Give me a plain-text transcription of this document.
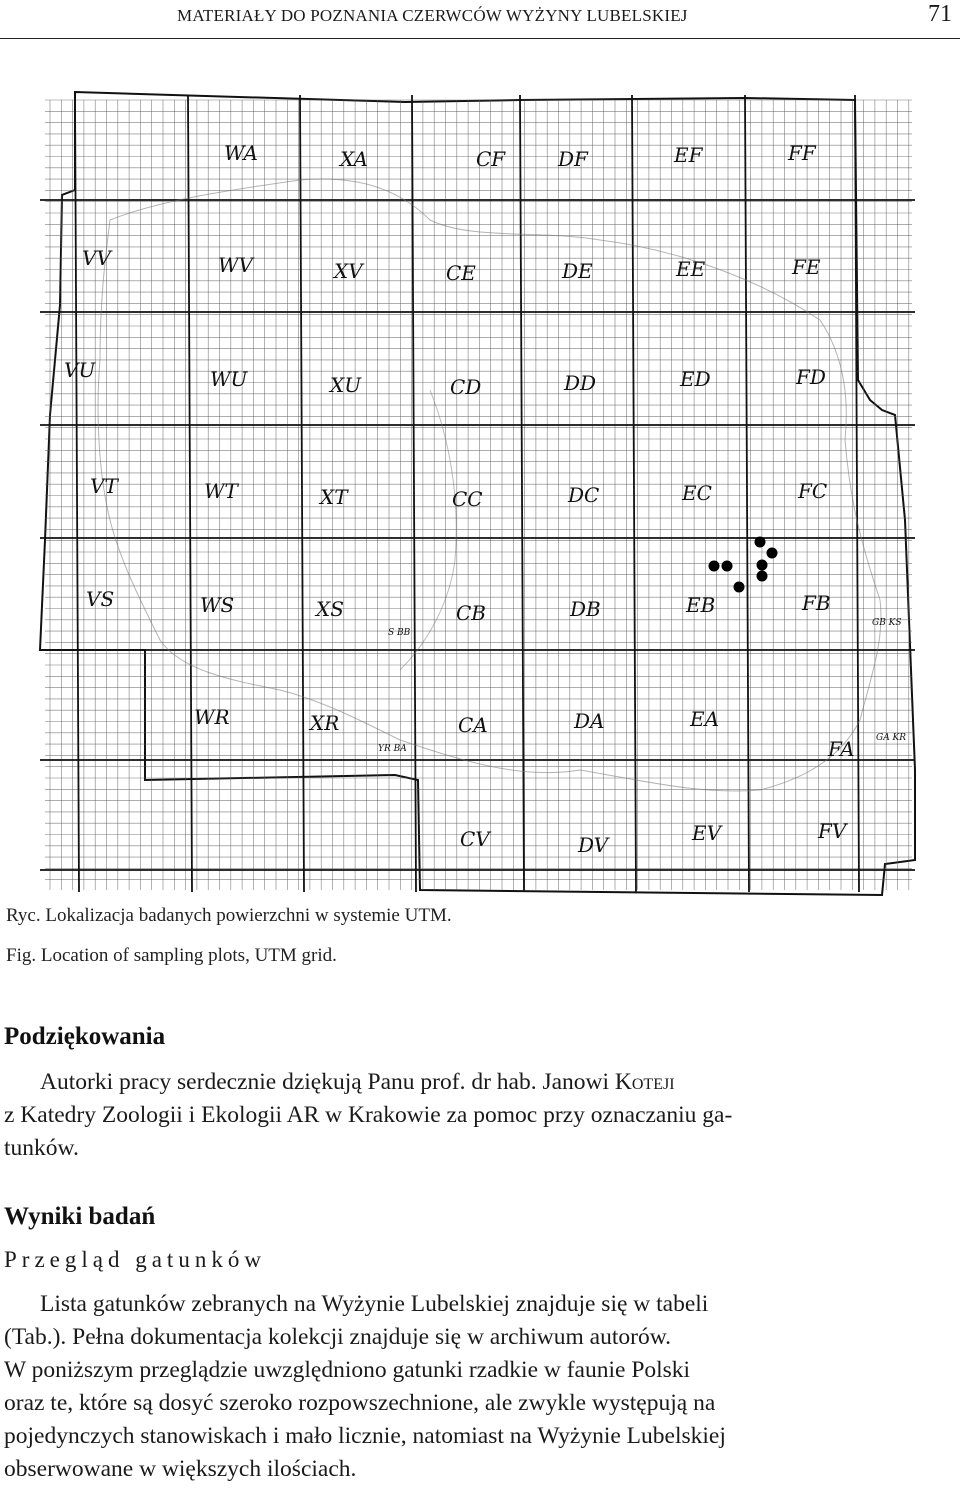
MATERIAŁY DO POZNANIA CZERWCÓW WYŻYNY LUBELSKIEJ	71
WA	XA	CF	DF	EF	FF
VV	WV	XV	CE	DE	EE	FE
VU	WU	XU	CD	DD	ED	FD
VT	WT	XT	CC	DC	EC	FC
VS	WS	XS	CB	DB	EB	FB
WR	XR	CA	DA	EA
FA
CV	DV	EV	FV
S BB
GB KS
YR BA
GA KR
Ryc. Lokalizacja badanych powierzchni w systemie UTM.
Fig. Location of sampling plots, UTM grid.
Podziękowania
Autorki pracy serdecznie dziękują Panu prof. dr hab. Janowi Koteji
z Katedry Zoologii i Ekologii AR w Krakowie za pomoc przy oznaczaniu ga-
tunków.
Wyniki badań
Przegląd gatunków
Lista gatunków zebranych na Wyżynie Lubelskiej znajduje się w tabeli
(Tab.). Pełna dokumentacja kolekcji znajduje się w archiwum autorów.
W poniższym przeglądzie uwzględniono gatunki rzadkie w faunie Polski
oraz te, które są dosyć szeroko rozpowszechnione, ale zwykle występują na
pojedynczych stanowiskach i mało licznie, natomiast na Wyżynie Lubelskiej
obserwowane w większych ilościach.
